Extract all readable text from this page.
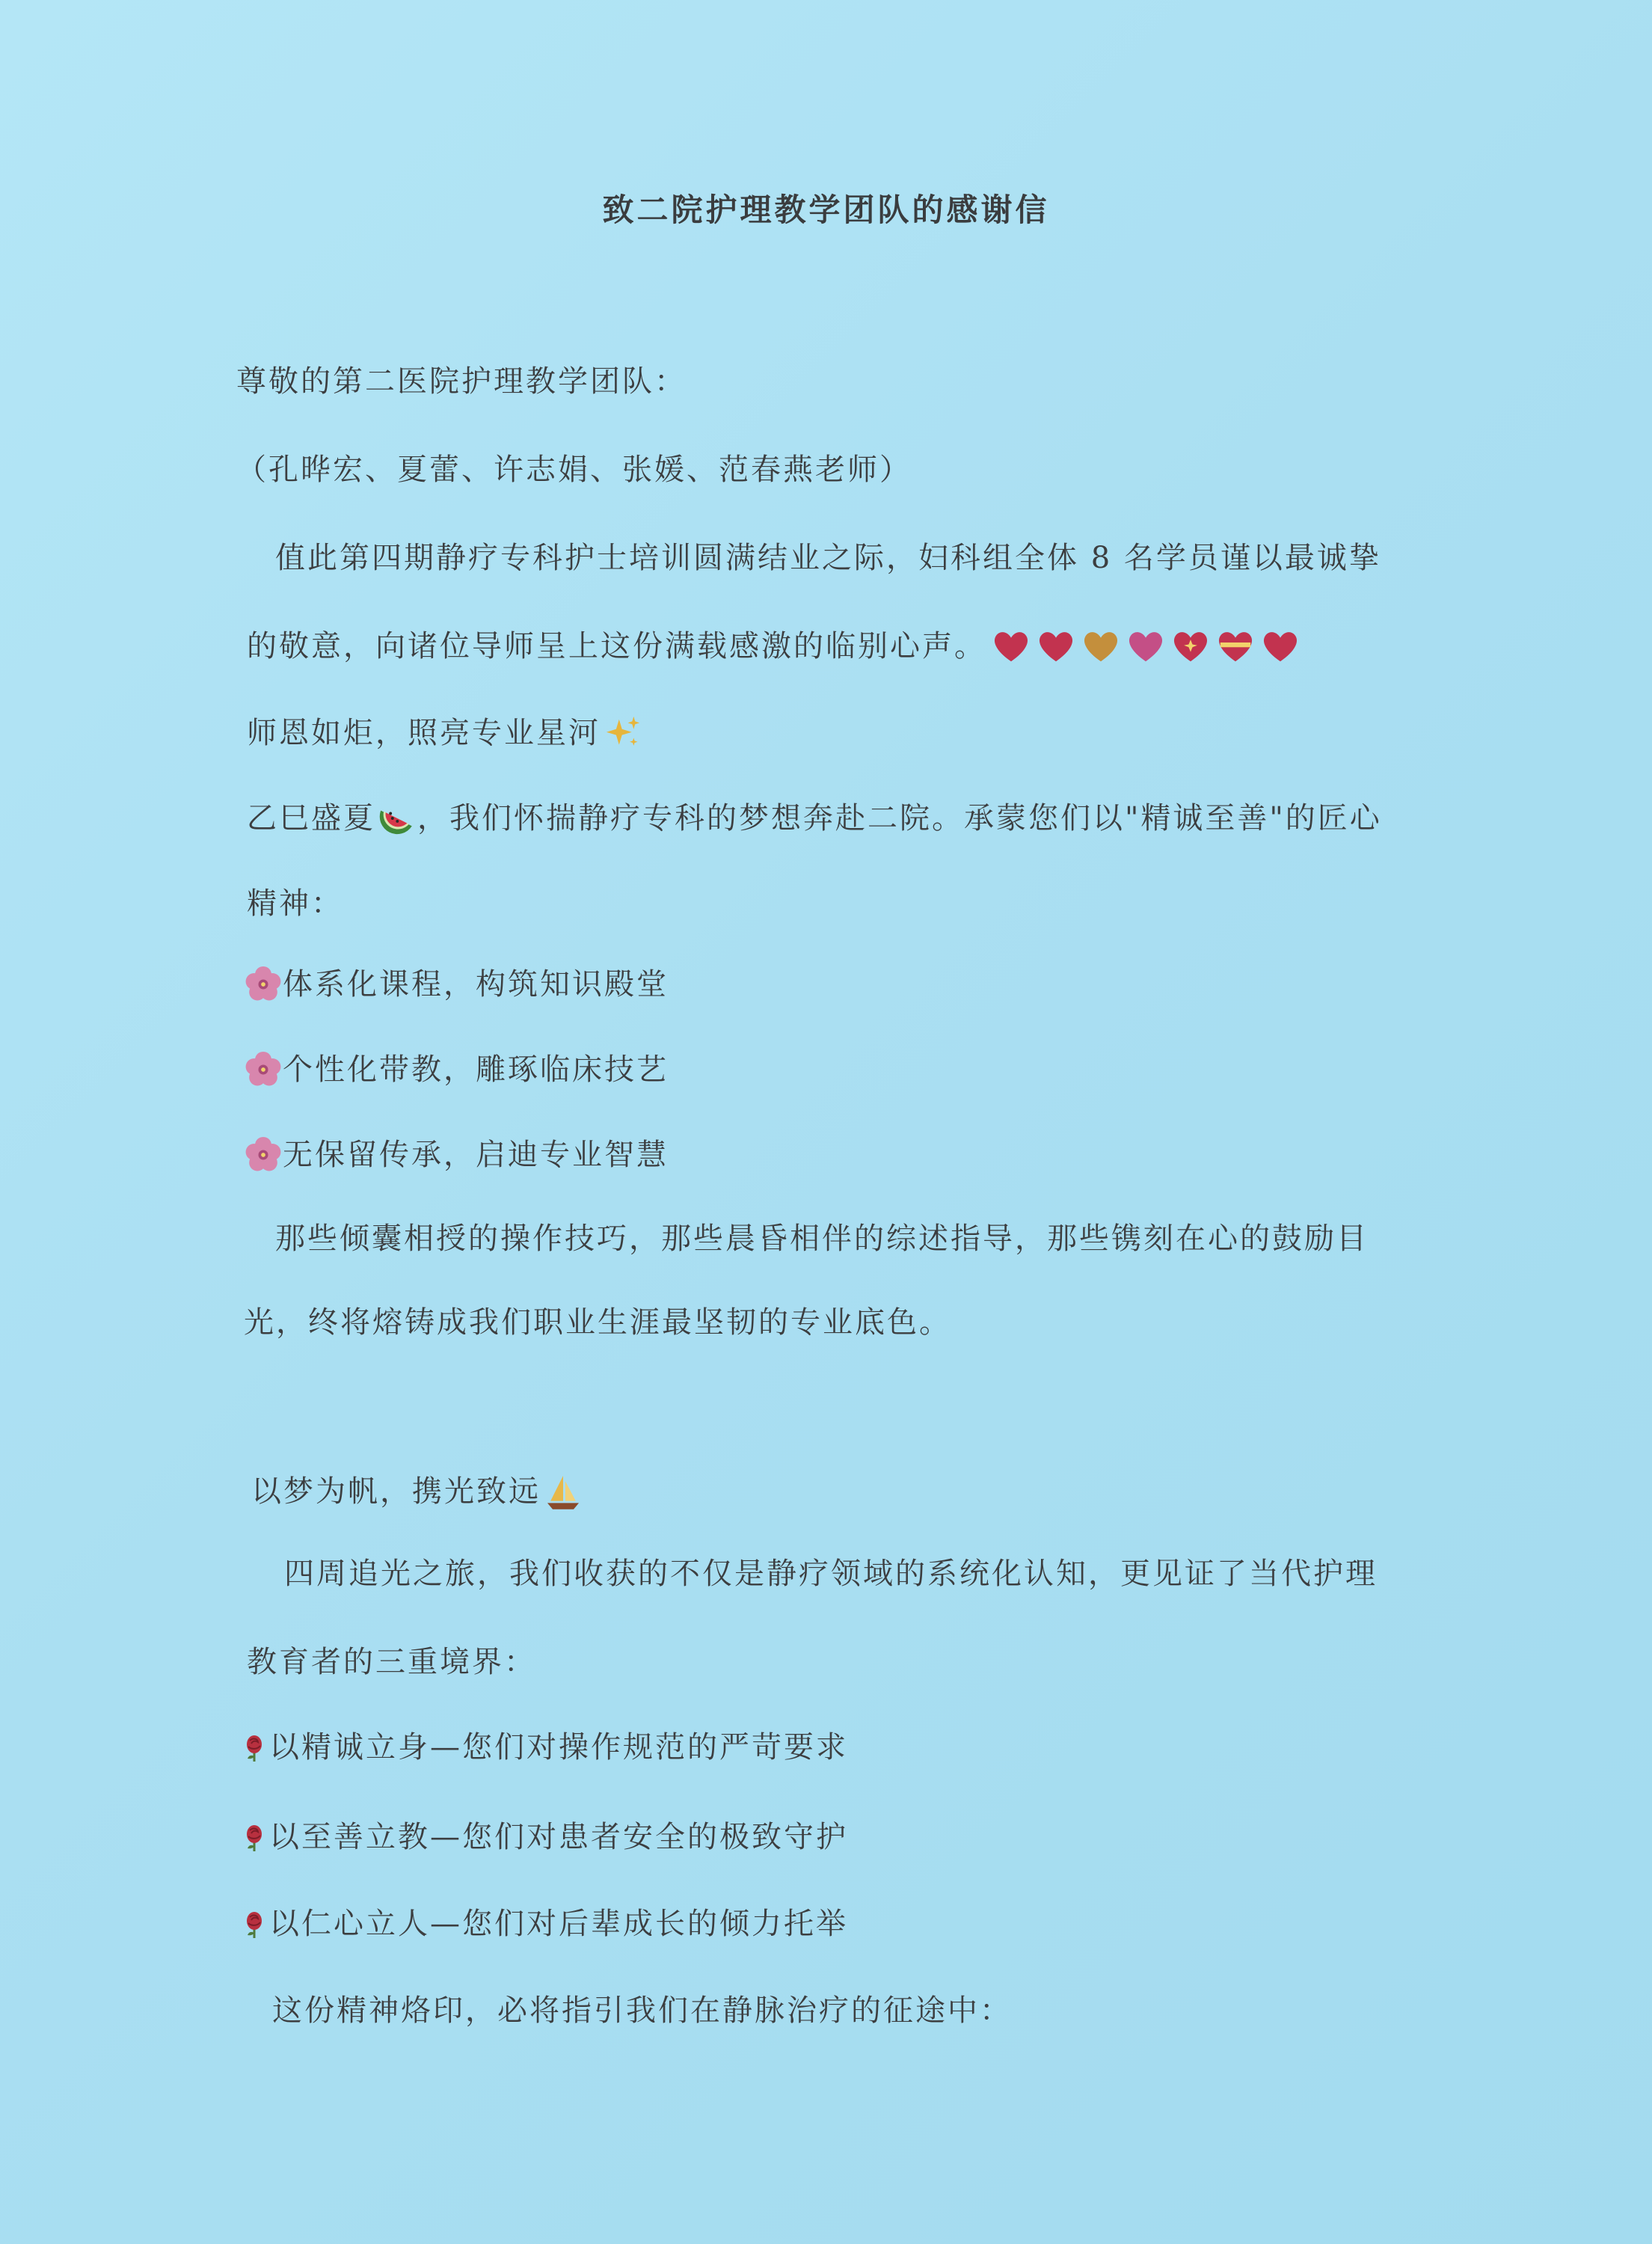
致二院护理教学团队的感谢信
尊敬的第二医院护理教学团队：
（孔晔宏、夏蕾、许志娟、张媛、范春燕老师）
值此第四期静疗专科护士培训圆满结业之际，妇科组全体 8 名学员谨以最诚挚
的敬意，向诸位导师呈上这份满载感激的临别心声。
师恩如炬，照亮专业星河
乙巳盛夏 ，我们怀揣静疗专科的梦想奔赴二院。承蒙您们以"精诚至善"的匠心
精神：
体系化课程，构筑知识殿堂
个性化带教，雕琢临床技艺
无保留传承，启迪专业智慧
那些倾囊相授的操作技巧，那些晨昏相伴的综述指导，那些镌刻在心的鼓励目
光，终将熔铸成我们职业生涯最坚韧的专业底色。
以梦为帆，携光致远
四周追光之旅，我们收获的不仅是静疗领域的系统化认知，更见证了当代护理
教育者的三重境界：
以精诚立身—您们对操作规范的严苛要求
以至善立教—您们对患者安全的极致守护
以仁心立人—您们对后辈成长的倾力托举
这份精神烙印，必将指引我们在静脉治疗的征途中：
